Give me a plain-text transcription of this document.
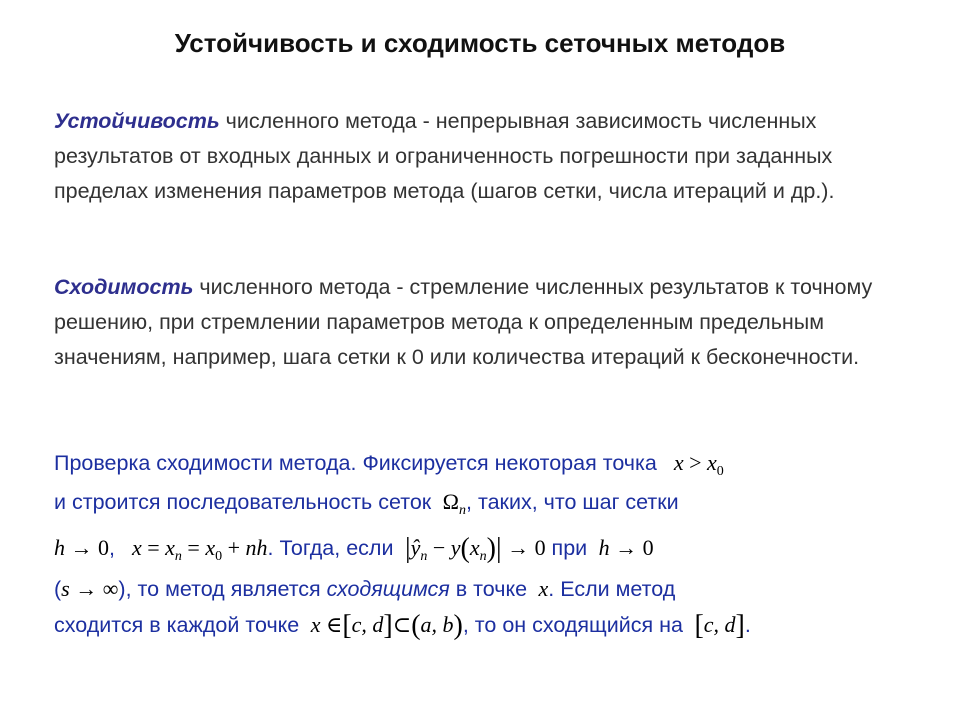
Устойчивость и сходимость сеточных методов
Устойчивость численного метода - непрерывная зависимость численных результатов от входных данных и ограниченность погрешности при заданных пределах изменения параметров метода (шагов сетки, числа итераций и др.).
Сходимость численного метода - стремление численных результатов к точному решению, при стремлении параметров метода к определенным предельным значениям, например, шага сетки к 0 или количества итераций к бесконечности.
Проверка сходимости метода. Фиксируется некоторая точка   $x > x_0$
и строится последовательность сеток $\Omega_n$, таких, что шаг сетки
h → 0,   $x = x_n = x_0$ + nh. Тогда, если $|ŷ_n - y(x_n)| \to 0$ при  h → 0
(s → ∞), то метод является сходящимся в точке  x. Если метод
сходится в каждой точке  x ∈[c, d]⊂(a, b), то он сходящийся на [c, d].
